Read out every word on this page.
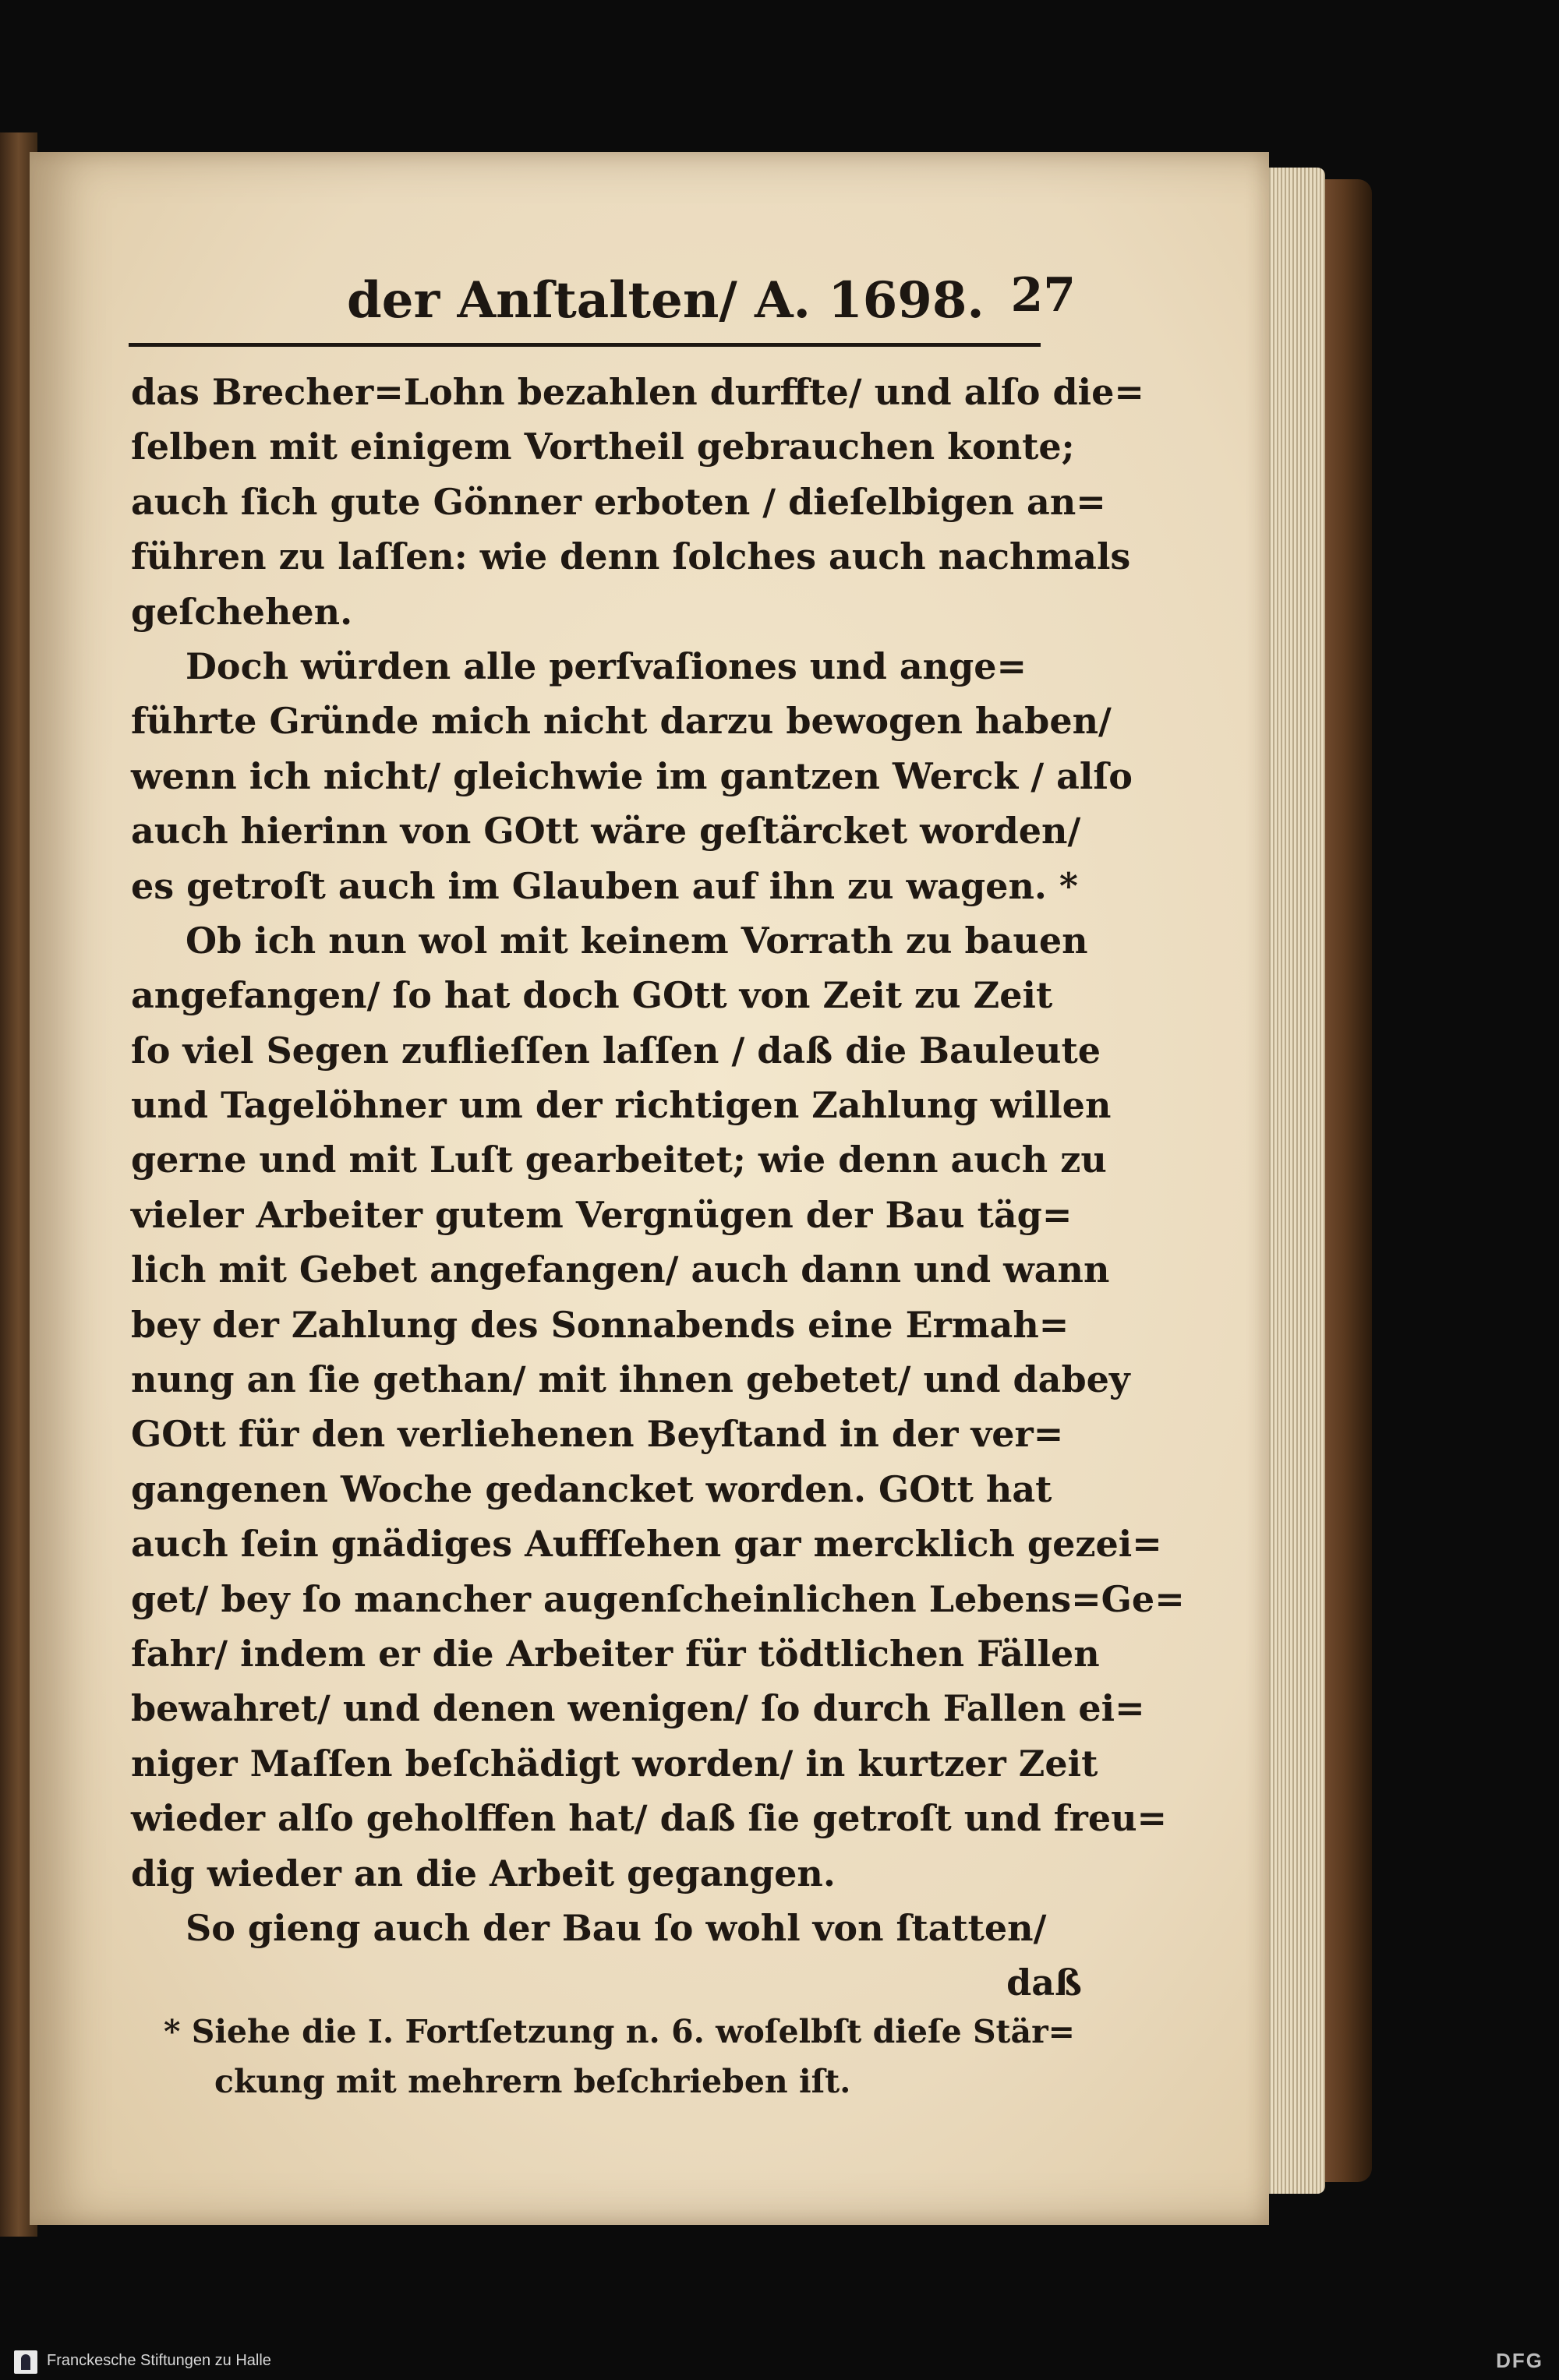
der Anſtalten/ A. 1698. 27
das Brecher=Lohn bezahlen durffte/ und alſo die=
ſelben mit einigem Vortheil gebrauchen konte;
auch ſich gute Gönner erboten / dieſelbigen an=
führen zu laſſen: wie denn ſolches auch nachmals
geſchehen.
Doch würden alle perſvaſiones und ange=
führte Gründe mich nicht darzu bewogen haben/
wenn ich nicht/ gleichwie im gantzen Werck / alſo
auch hierinn von GOtt wäre geſtärcket worden/
es getroſt auch im Glauben auf ihn zu wagen. *
Ob ich nun wol mit keinem Vorrath zu bauen
angefangen/ ſo hat doch GOtt von Zeit zu Zeit
ſo viel Segen zuflieſſen laſſen / daß die Bauleute
und Tagelöhner um der richtigen Zahlung willen
gerne und mit Luſt gearbeitet; wie denn auch zu
vieler Arbeiter gutem Vergnügen der Bau täg=
lich mit Gebet angefangen/ auch dann und wann
bey der Zahlung des Sonnabends eine Ermah=
nung an ſie gethan/ mit ihnen gebetet/ und dabey
GOtt für den verliehenen Beyſtand in der ver=
gangenen Woche gedancket worden. GOtt hat
auch ſein gnädiges Auffſehen gar mercklich gezei=
get/ bey ſo mancher augenſcheinlichen Lebens=Ge=
fahr/ indem er die Arbeiter für tödtlichen Fällen
bewahret/ und denen wenigen/ ſo durch Fallen ei=
niger Maſſen beſchädigt worden/ in kurtzer Zeit
wieder alſo geholffen hat/ daß ſie getroſt und freu=
dig wieder an die Arbeit gegangen.
So gieng auch der Bau ſo wohl von ſtatten/
daß
* Siehe die I. Fortſetzung n. 6. woſelbſt dieſe Stär=
ckung mit mehrern beſchrieben iſt.
Franckesche Stiftungen zu Halle	DFG
